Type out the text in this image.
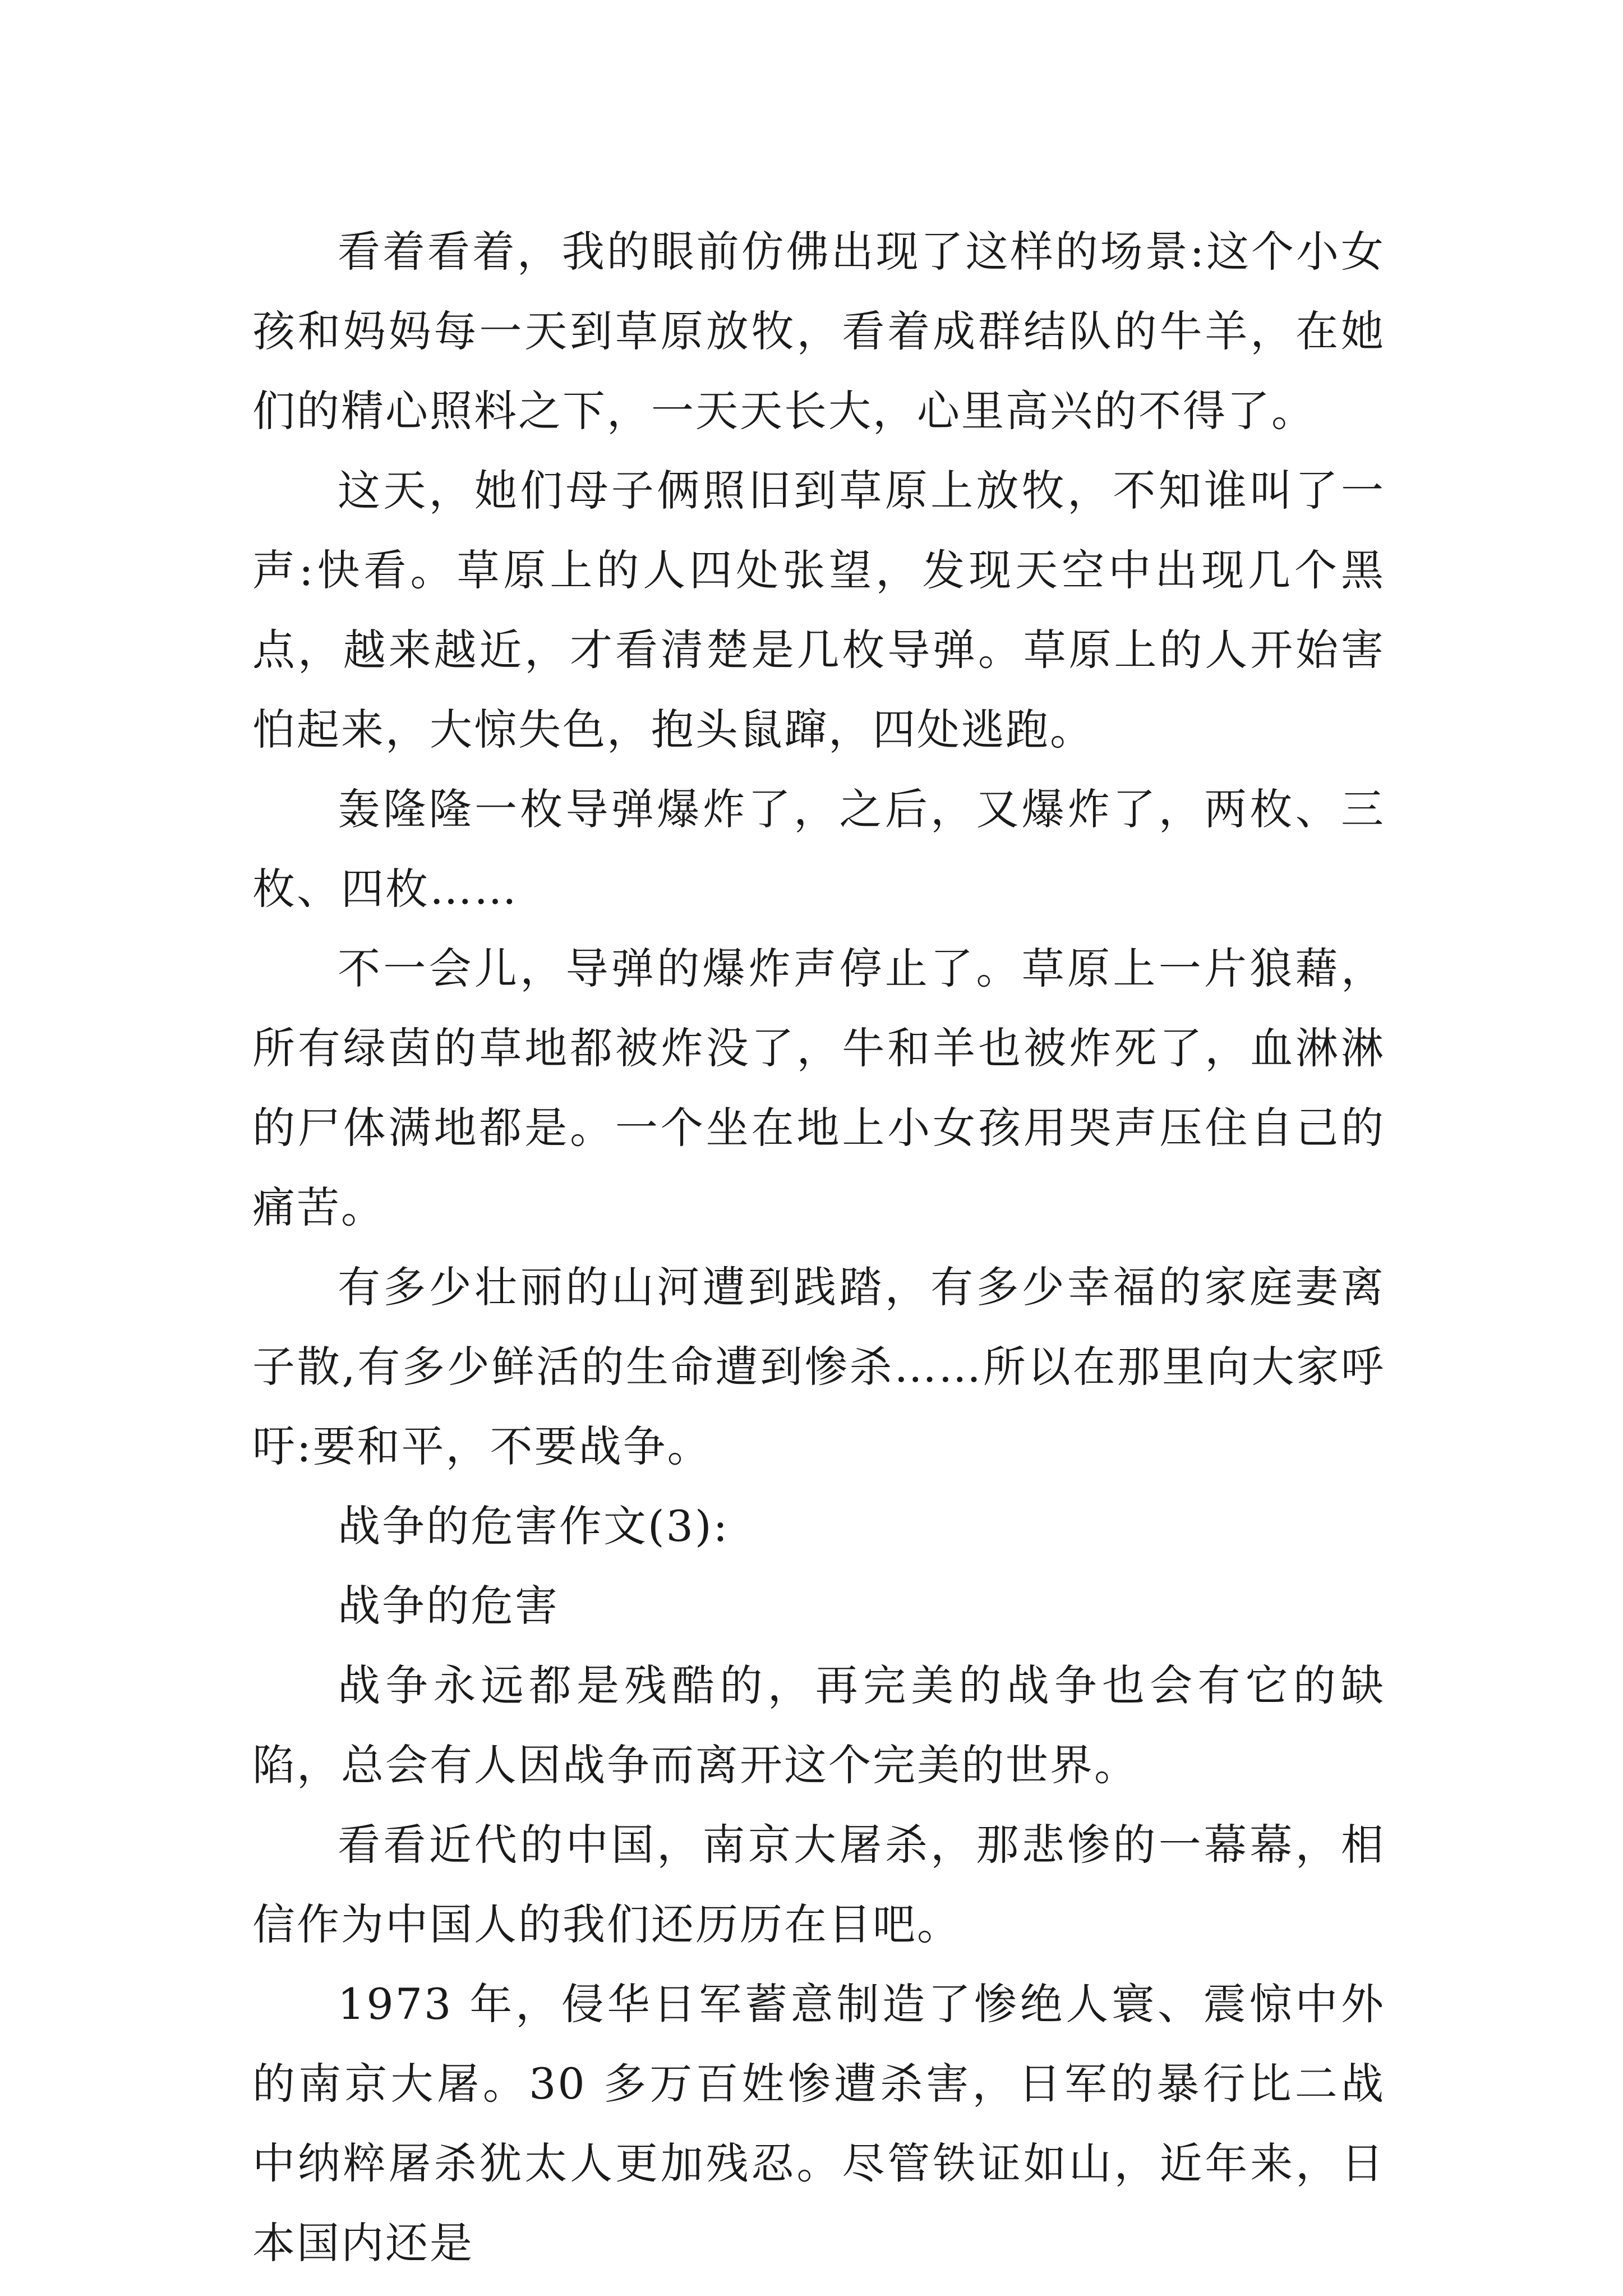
看着看着，我的眼前仿佛出现了这样的场景:这个小女孩和妈妈每一天到草原放牧，看着成群结队的牛羊，在她们的精心照料之下，一天天长大，心里高兴的不得了。

这天，她们母子俩照旧到草原上放牧，不知谁叫了一声:快看。草原上的人四处张望，发现天空中出现几个黑点，越来越近，才看清楚是几枚导弹。草原上的人开始害怕起来，大惊失色，抱头鼠蹿，四处逃跑。

轰隆隆一枚导弹爆炸了，之后，又爆炸了，两枚、三枚、四枚……

不一会儿，导弹的爆炸声停止了。草原上一片狼藉，所有绿茵的草地都被炸没了，牛和羊也被炸死了，血淋淋的尸体满地都是。一个坐在地上小女孩用哭声压住自己的痛苦。

有多少壮丽的山河遭到践踏，有多少幸福的家庭妻离子散,有多少鲜活的生命遭到惨杀……所以在那里向大家呼吁:要和平，不要战争。

战争的危害作文(3):

战争的危害

战争永远都是残酷的，再完美的战争也会有它的缺陷，总会有人因战争而离开这个完美的世界。

看看近代的中国，南京大屠杀，那悲惨的一幕幕，相信作为中国人的我们还历历在目吧。

1973 年，侵华日军蓄意制造了惨绝人寰、震惊中外的南京大屠。30 多万百姓惨遭杀害，日军的暴行比二战中纳粹屠杀犹太人更加残忍。尽管铁证如山，近年来，日本国内还是
